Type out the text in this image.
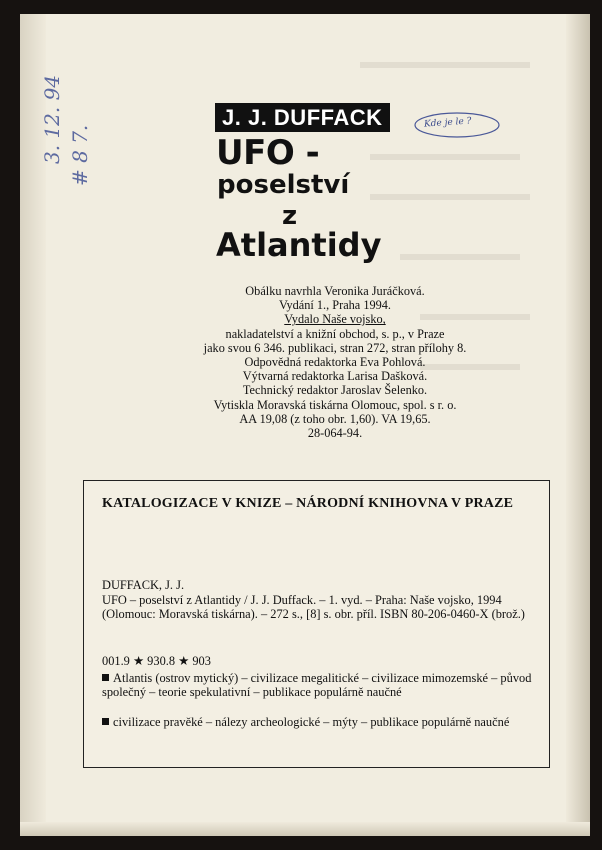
J. J. DUFFACK
UFO -
poselství
z
Atlantidy
Kde je le ?
3. 12. 94 # 8 7.
Obálku navrhla Veronika Juráčková.
Vydání 1., Praha 1994.
Vydalo Naše vojsko,
nakladatelství a knižní obchod, s. p., v Praze
jako svou 6 346. publikaci, stran 272, stran přílohy 8.
Odpovědná redaktorka Eva Pohlová.
Výtvarná redaktorka Larisa Dašková.
Technický redaktor Jaroslav Šelenko.
Vytiskla Moravská tiskárna Olomouc, spol. s r. o.
AA 19,08 (z toho obr. 1,60). VA 19,65.
28-064-94.
KATALOGIZACE V KNIZE – NÁRODNÍ KNIHOVNA V PRAZE
DUFFACK, J. J.
UFO – poselství z Atlantidy / J. J. Duffack. – 1. vyd. – Praha: Naše vojsko, 1994 (Olomouc: Moravská tiskárna). – 272 s., [8] s. obr. příl. ISBN 80-206-0460-X (brož.)
001.9 ★ 930.8 ★ 903
Atlantis (ostrov mytický) – civilizace megalitické – civilizace mimozemské – původ společný – teorie spekulativní – publikace populárně naučné
civilizace pravěké – nálezy archeologické – mýty – publikace populárně naučné
